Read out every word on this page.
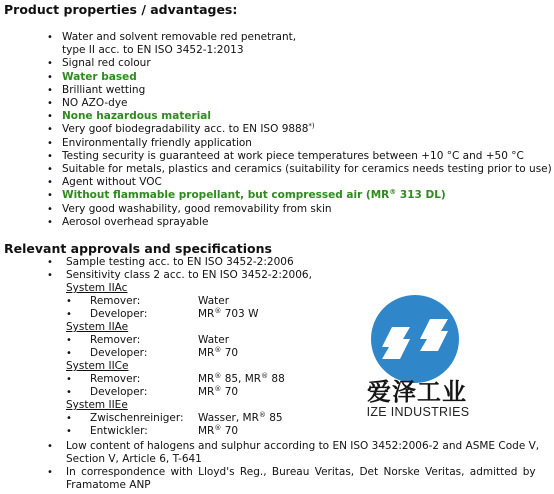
Product properties / advantages:
• Water and solvent removable red penetrant,
type II acc. to EN ISO 3452-1:2013
• Signal red colour
• Water based
• Brilliant wetting
• NO AZO-dye
• None hazardous material
• Very goof biodegradability acc. to EN ISO 9888*)
• Environmentally friendly application
• Testing security is guaranteed at work piece temperatures between +10 °C and +50 °C
• Suitable for metals, plastics and ceramics (suitability for ceramics needs testing prior to use)
• Agent without VOC
• Without flammable propellant, but compressed air (MR® 313 DL)
• Very good washability, good removability from skin
• Aerosol overhead sprayable
Relevant approvals and specifications
• Sample testing acc. to EN ISO 3452-2:2006
• Sensitivity class 2 acc. to EN ISO 3452-2:2006,
System IIAc
• Remover:	Water
• Developer:	MR® 703 W
System IIAe
• Remover:	Water
• Developer:	MR® 70
System IICe
• Remover:	MR® 85, MR® 88
• Developer:	MR® 70
System IIEe
• Zwischenreiniger: Wasser, MR® 85
• Entwickler:	MR® 70
• Low content of halogens and sulphur according to EN ISO 3452:2006-2 and ASME Code V,
Section V, Article 6, T-641
• In correspondence with Lloyd's Reg., Bureau Veritas, Det Norske Veritas, admitted by
Framatome ANP
爱泽工业
IZE INDUSTRIES
